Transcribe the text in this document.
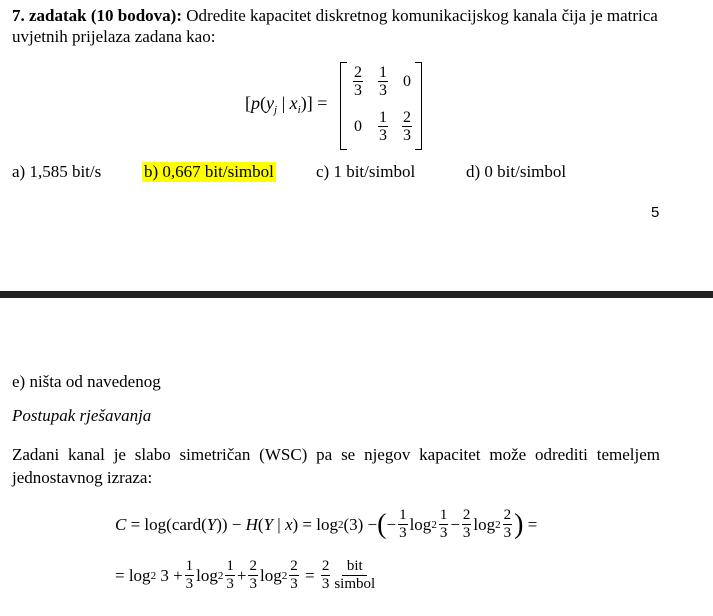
7. zadatak (10 bodova): Odredite kapacitet diskretnog komunikacijskog kanala čija je matrica
uvjetnih prijelaza zadana kao:
[$p(y_j$ | $x_i$)] =
$\frac{2}{3} \frac{1}{3} 0$
0	$\frac{1}{3} \frac{2}{3}$
a) 1,585 bit/s	b) 0,667 bit/simbol c) 1 bit/simbol	d) 0 bit/simbol
5
e) ništa od navedenog
Postupak rješavanja
Zadani kanal je slabo simetričan (WSC) pa se njegov kapacitet može odrediti temeljem
jednostavnog izraza:
C = log (card( Y )) − H ( Y | x ) = log 2 (3) − ( − $\frac{1}{3}$ $\log 2 \frac{1}{3} - \frac{2}{3}$ $\log 2 \frac{2}{3}$ ) =
= log 2 $3 + \frac{1}{3}$ $\log 2 \frac{1}{3} + \frac{2}{3}$ $\log 2 \frac{2}{3} = \frac{2}{3} \frac{\text{bit}}{\text{simbol}}$
